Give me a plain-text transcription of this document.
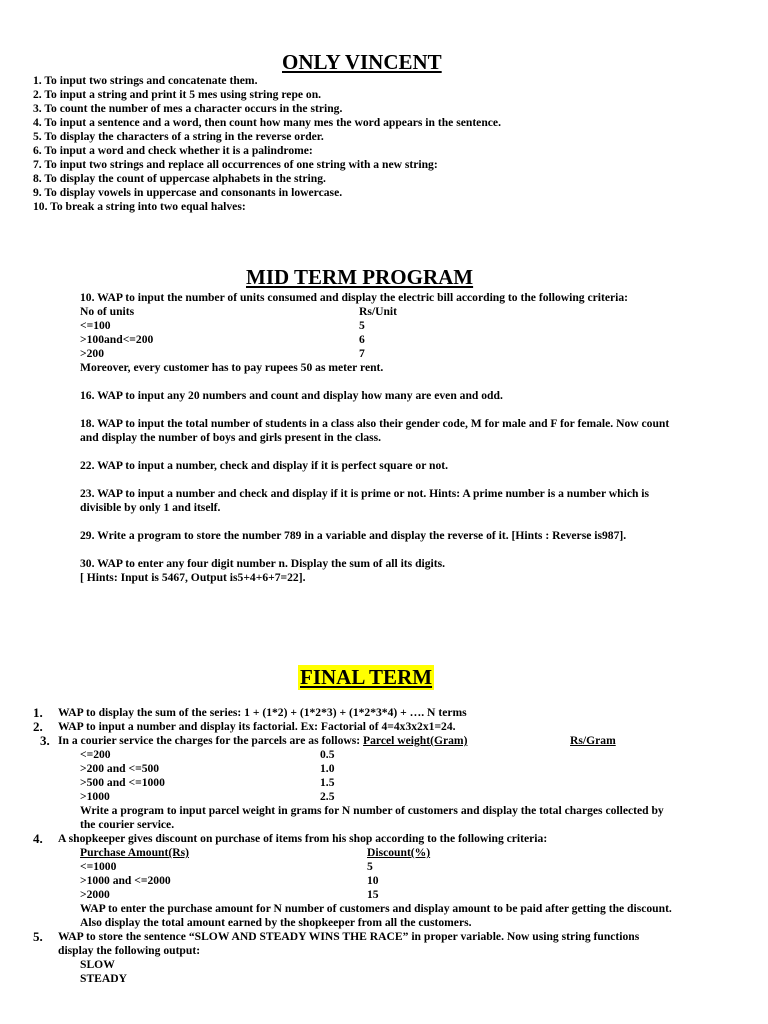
ONLY VINCENT
1. To input two strings and concatenate them.
2. To input a string and print it 5 mes using string repe on.
3. To count the number of mes a character occurs in the string.
4. To input a sentence and a word, then count how many mes the word appears in the sentence.
5. To display the characters of a string in the reverse order.
6. To input a word and check whether it is a palindrome:
7. To input two strings and replace all occurrences of one string with a new string:
8. To display the count of uppercase alphabets in the string.
9. To display vowels in uppercase and consonants in lowercase.
10. To break a string into two equal halves:
MID TERM PROGRAM
10. WAP to input the number of units consumed and display the electric bill according to the following criteria:
No of units	Rs/Unit
<=100	5
>100and<=200	6
>200	7
Moreover, every customer has to pay rupees 50 as meter rent.
16. WAP to input any 20 numbers and count and display how many are even and odd.
18. WAP to input the total number of students in a class also their gender code, M for male and F for female. Now count and display the number of boys and girls present in the class.
22. WAP to input a number, check and display if it is perfect square or not.
23. WAP to input a number and check and display if it is prime or not. Hints: A prime number is a number which is divisible by only 1 and itself.
29. Write a program to store the number 789 in a variable and display the reverse of it. [Hints : Reverse is987].
30. WAP to enter any four digit number n. Display the sum of all its digits.
[ Hints: Input is 5467, Output is5+4+6+7=22].
FINAL TERM
1. WAP to display the sum of the series: 1 + (1*2) + (1*2*3) + (1*2*3*4) + …. N terms
2. WAP to input a number and display its factorial. Ex: Factorial of 4=4x3x2x1=24.
3. In a courier service the charges for the parcels are as follows: Parcel weight(Gram)	Rs/Gram
<=200	0.5
>200 and <=500	1.0
>500 and <=1000	1.5
>1000	2.5
Write a program to input parcel weight in grams for N number of customers and display the total charges collected by the courier service.
4. A shopkeeper gives discount on purchase of items from his shop according to the following criteria:
Purchase Amount(Rs)	Discount(%)
<=1000	5
>1000 and <=2000	10
>2000	15
WAP to enter the purchase amount for N number of customers and display amount to be paid after getting the discount. Also display the total amount earned by the shopkeeper from all the customers.
5. WAP to store the sentence “SLOW AND STEADY WINS THE RACE” in proper variable. Now using string functions display the following output:
SLOW
STEADY
